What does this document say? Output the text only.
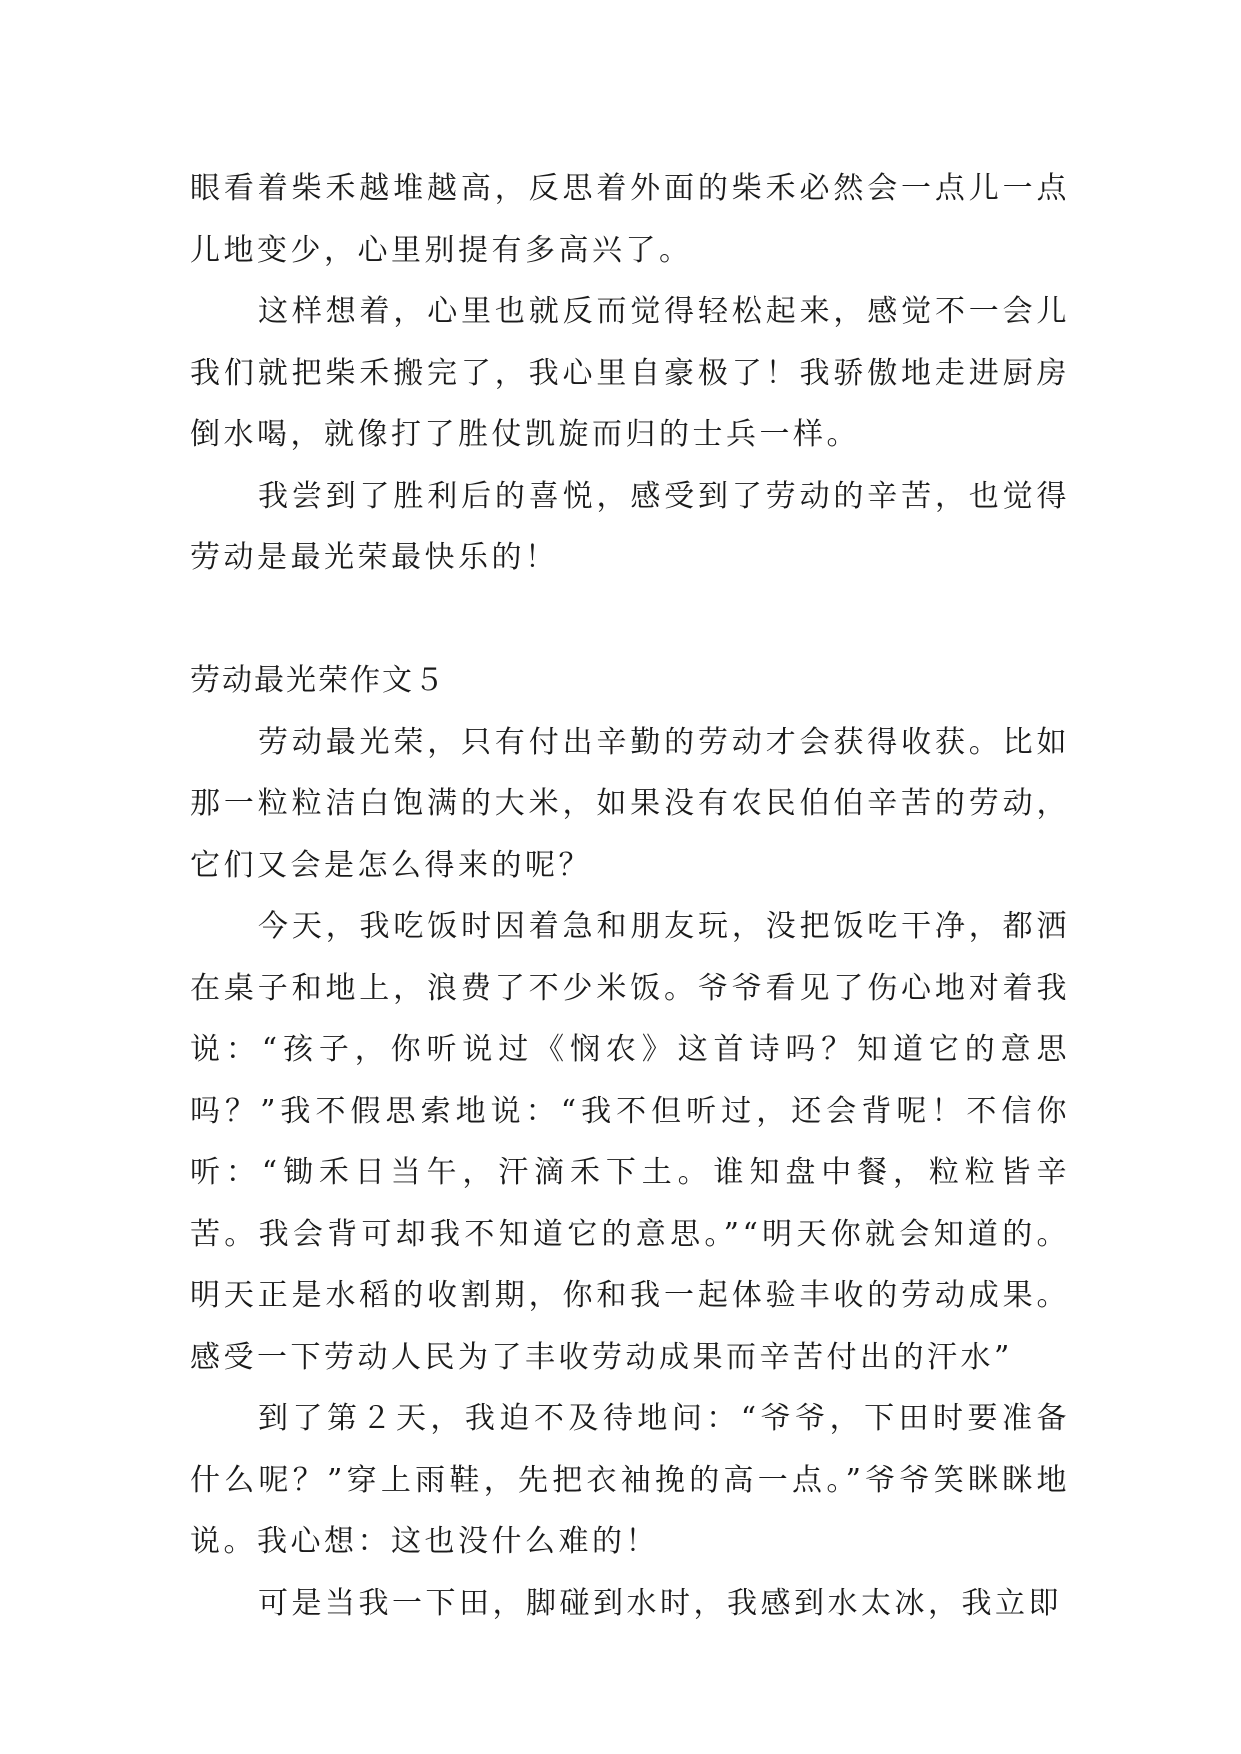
眼看着柴禾越堆越高，反思着外面的柴禾必然会一点儿一点儿地变少，心里别提有多高兴了。

这样想着，心里也就反而觉得轻松起来，感觉不一会儿我们就把柴禾搬完了，我心里自豪极了！我骄傲地走进厨房倒水喝，就像打了胜仗凯旋而归的士兵一样。

我尝到了胜利后的喜悦，感受到了劳动的辛苦，也觉得劳动是最光荣最快乐的！

劳动最光荣作文５

劳动最光荣，只有付出辛勤的劳动才会获得收获。比如那一粒粒洁白饱满的大米，如果没有农民伯伯辛苦的劳动，它们又会是怎么得来的呢？

今天，我吃饭时因着急和朋友玩，没把饭吃干净，都洒在桌子和地上，浪费了不少米饭。爷爷看见了伤心地对着我说：“孩子，你听说过《悯农》这首诗吗？知道它的意思吗？”我不假思索地说：“我不但听过，还会背呢！不信你听：“锄禾日当午，汗滴禾下土。谁知盘中餐，粒粒皆辛苦。我会背可却我不知道它的意思。”“明天你就会知道的。明天正是水稻的收割期，你和我一起体验丰收的劳动成果。感受一下劳动人民为了丰收劳动成果而辛苦付出的汗水”

到了第２天，我迫不及待地问：“爷爷，下田时要准备什么呢？”穿上雨鞋，先把衣袖挽的高一点。”爷爷笑眯眯地说。我心想：这也没什么难的！

可是当我一下田，脚碰到水时，我感到水太冰，我立即
